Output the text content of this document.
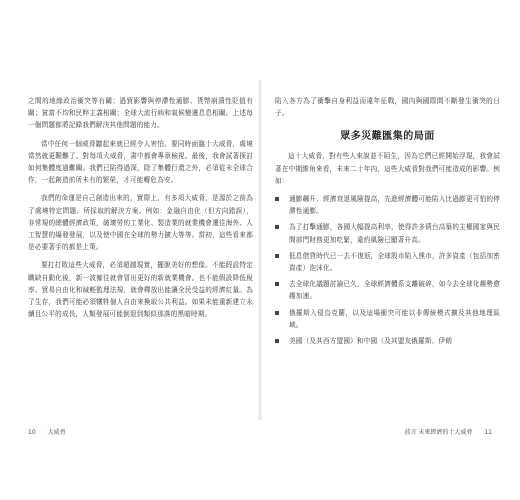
之間的地緣政治衝突等有關；過貿影響與停滯性通膨、貨幣崩潰性貶值有關；貧富不均和民粹主義相關；全球大流行病和氣候變遷息息相關。上述每一個問題都將記錄我們解決其他問題的能力。

當中任何一個威脅聽起來就已經令人害怕。要同時面臨十大威脅，處境當然就更艱難了。對每項大威脅，書中都會專章檢視。最後，我會試著探討如何集體度過難關。我們已陷得過深，除了集體行還之外，必須從未全球合作，一起創造前所未有的繁榮，才可能轉危為安。

我們的命運是自己創造出來的，實際上，有多項大威脅，是源於之前為了處境特定問題、所採取的解決方案。例如：金融自由化（但方向錯誤），非常規的總體經濟政策，破壞勞的工業化、製造業的就業機會遷往海外、人工智慧的爆發發展，以及使中國在全球的勢力擴大等等。當初，這些看來都是必要著手的都是上策。

要打打敗這些大威脅，必須超越現實，擺脫美好的想像。不能假設特定職缺自動化後，新一波僱往就會冒出更好的新就業機會。也不能假設降低稅率、貿易自由化和減輕監理法規，就會釋放出能讓全民受益的經濟紅量。為了生存，我們可能必須犧牲個人自由來換取公共利益。如果未能重新建立永續且公平的成長，人類發展可能倒退到類似那落的黑暗時期。

陷入各方為了衝擊自身利益而違年征戰，國內與國際間不斷發生衝突的日子。

眾多災難匯集的局面

這十大威脅，對有些人來說並不陌生，因為它們已經開始浮現，我會試著在中期維角來看，未來二十年內，這些大威脅對我們可能造成的影響。例如：

通膨飆升、經濟衰退風險提高，先進經濟體可能陷入比過膨更可怕的停滯性通膨。
為了打擊通膨，各國大幅提高利率，使得許多債台高築的主權國家與民間部門財務更加吃緊，違約風險已顯著升高。
低息借貸時代已一去不復返，全球股市陷入熊市，許多資產（包括加密資產）泡沫化。
去全球化議題討論已久，全球經濟體系支離破碎，如今去全球化趨勢愈趨加速。
俄羅斯入侵烏克蘭，以及這場衝突可能以非傳統模式擴及其他地理區域。
美國（及其西方盟國）和中國（及其盟友俄羅斯、伊朗
10 大威脅	前言 未來經濟的十大威脅 11
